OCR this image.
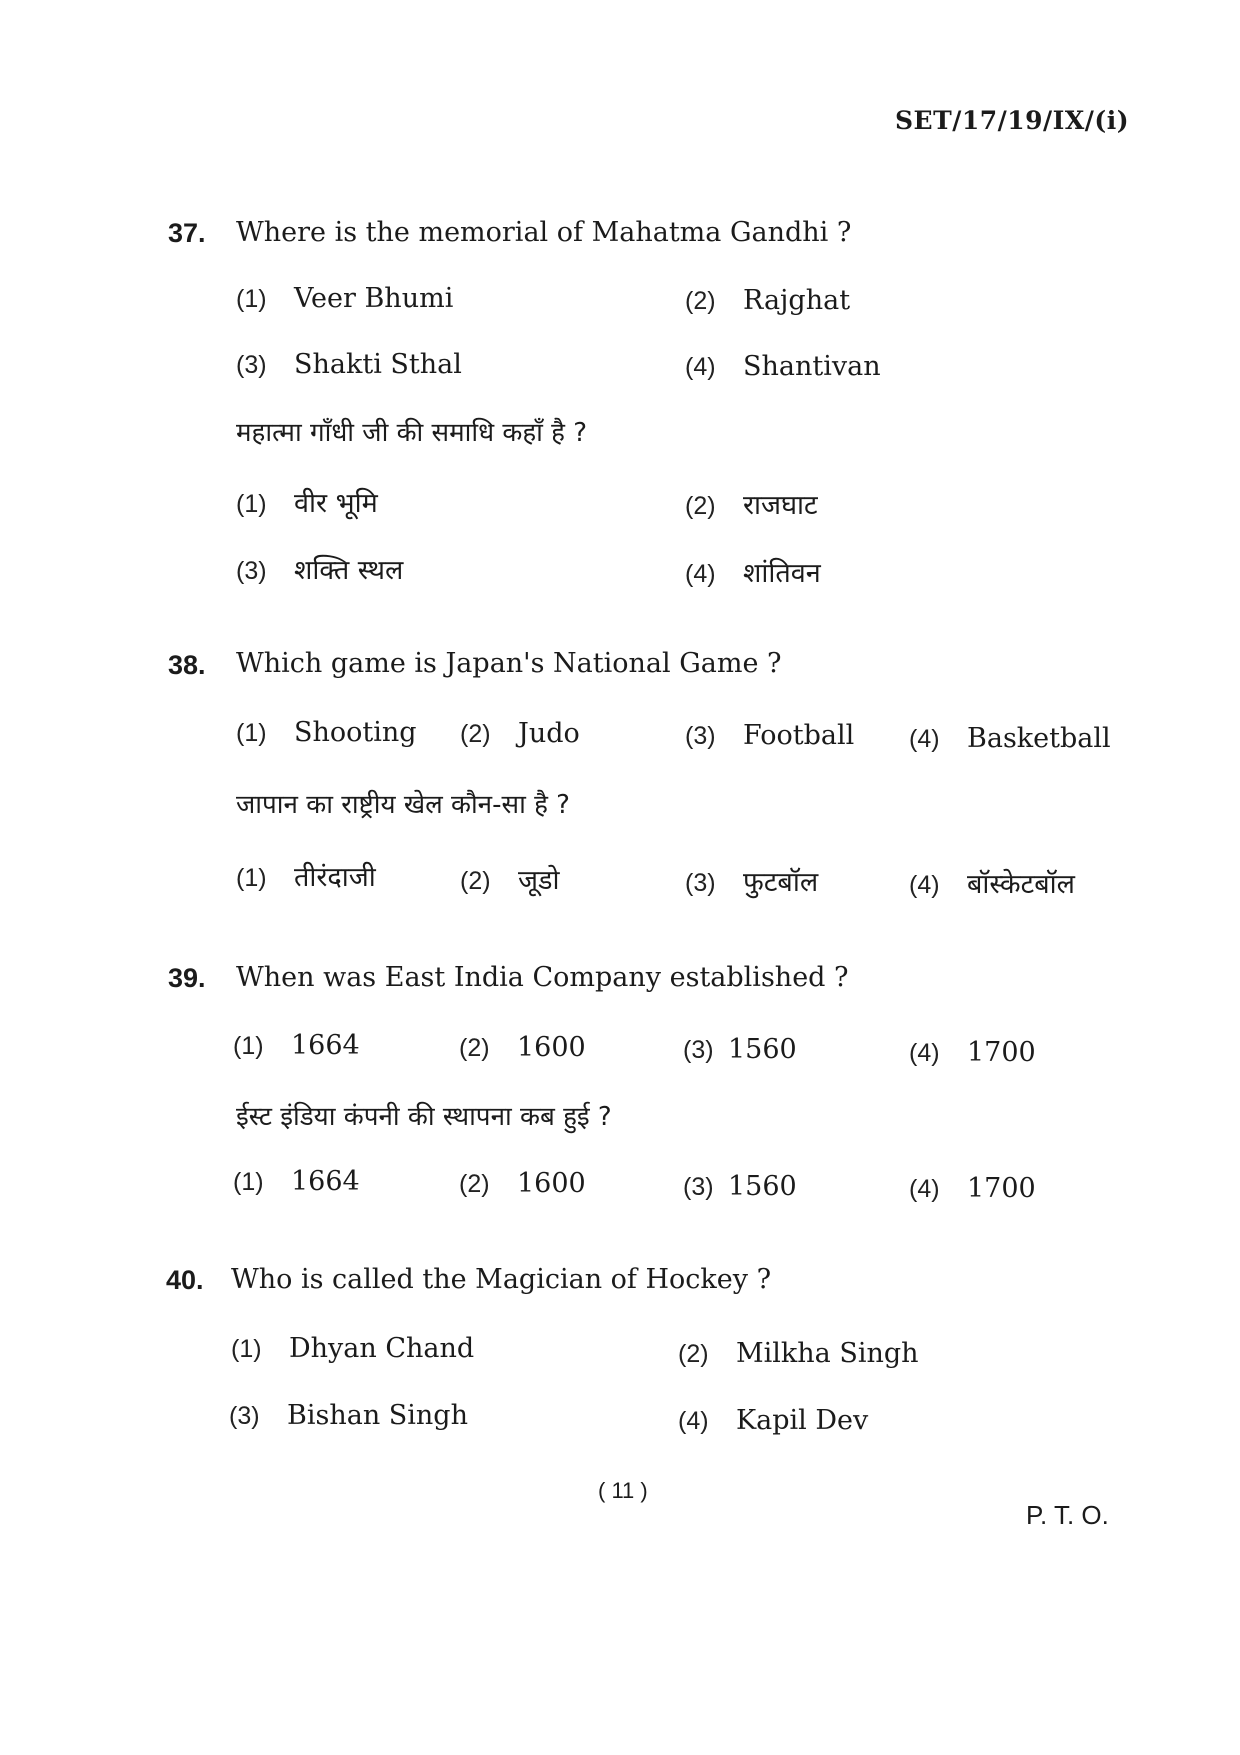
SET/17/19/IX/(i)
37. Where is the memorial of Mahatma Gandhi ?
(1) Veer Bhumi	(2) Rajghat
(3) Shakti Sthal	(4) Shantivan
महात्मा गाँधी जी की समाधि कहाँ है ?
(1) वीर भूमि	(2) राजघाट
(3) शक्ति स्थल	(4) शांतिवन
38. Which game is Japan's National Game ?
(1) Shooting (2) Judo	(3) Football (4) Basketball
जापान का राष्ट्रीय खेल कौन-सा है ?
(1) तीरंदाजी	(2) जूडो	(3) फुटबॉल	(4) बॉस्केटबॉल
39. When was East India Company established ?
(1) 1664	(2) 1600	(3) 1560	(4) 1700
ईस्ट इंडिया कंपनी की स्थापना कब हुई ?
(1) 1664	(2) 1600	(3) 1560	(4) 1700
40. Who is called the Magician of Hockey ?
(1) Dhyan Chand	(2) Milkha Singh
(3) Bishan Singh	(4) Kapil Dev
( 11 )
P. T. O.
